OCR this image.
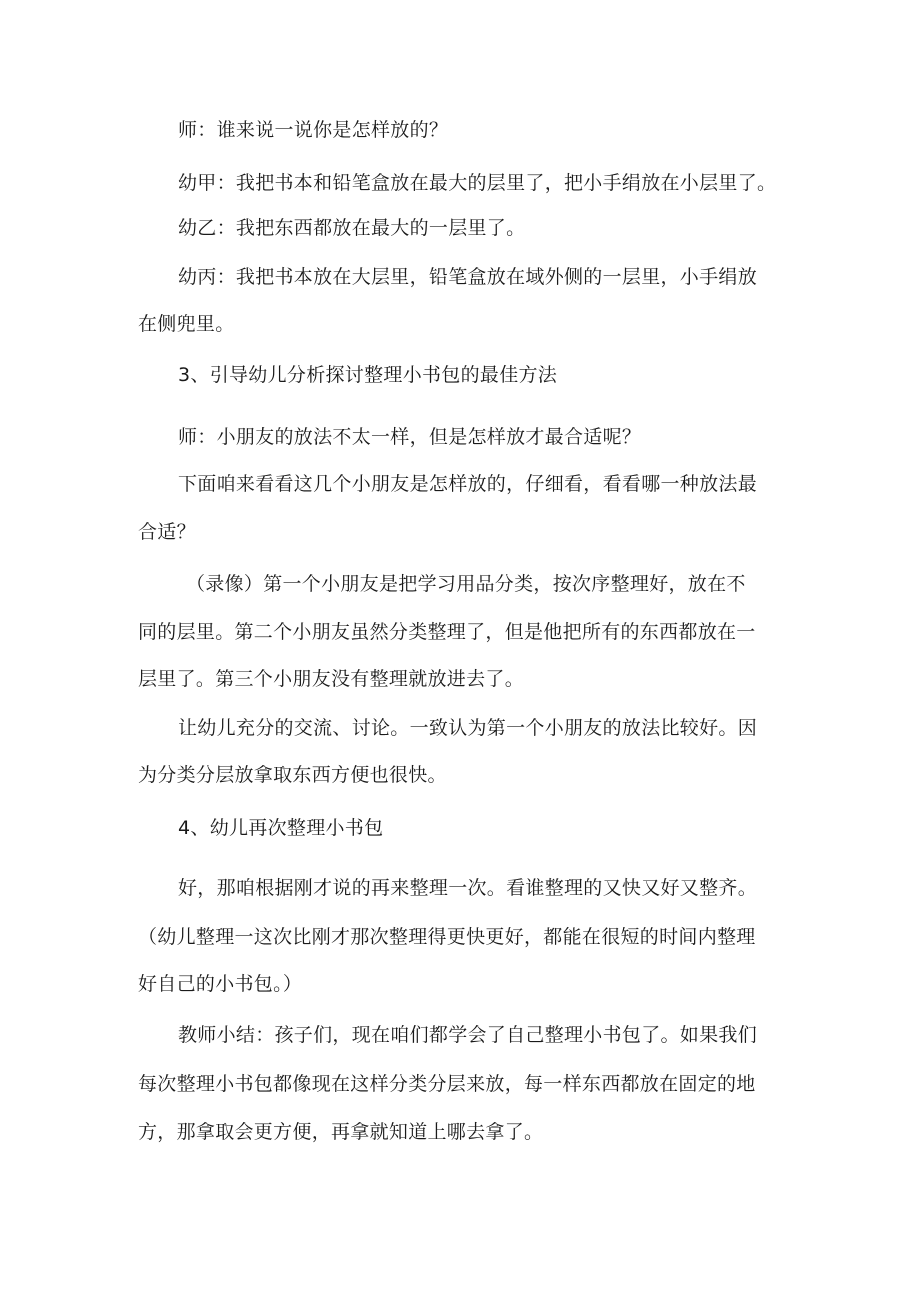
师：谁来说一说你是怎样放的？
幼甲：我把书本和铅笔盒放在最大的层里了，把小手绢放在小层里了。
幼乙：我把东西都放在最大的一层里了。
幼丙：我把书本放在大层里，铅笔盒放在域外侧的一层里，小手绢放
在侧兜里。
3、引导幼儿分析探讨整理小书包的最佳方法
师：小朋友的放法不太一样，但是怎样放才最合适呢？
下面咱来看看这几个小朋友是怎样放的，仔细看，看看哪一种放法最
合适？
（录像）第一个小朋友是把学习用品分类，按次序整理好，放在不
同的层里。第二个小朋友虽然分类整理了，但是他把所有的东西都放在一
层里了。第三个小朋友没有整理就放进去了。
让幼儿充分的交流、讨论。一致认为第一个小朋友的放法比较好。因
为分类分层放拿取东西方便也很快。
4、幼儿再次整理小书包
好，那咱根据刚才说的再来整理一次。看谁整理的又快又好又整齐。
（幼儿整理一这次比刚才那次整理得更快更好，都能在很短的时间内整理
好自己的小书包。）
教师小结：孩子们，现在咱们都学会了自己整理小书包了。如果我们
每次整理小书包都像现在这样分类分层来放，每一样东西都放在固定的地
方，那拿取会更方便，再拿就知道上哪去拿了。
